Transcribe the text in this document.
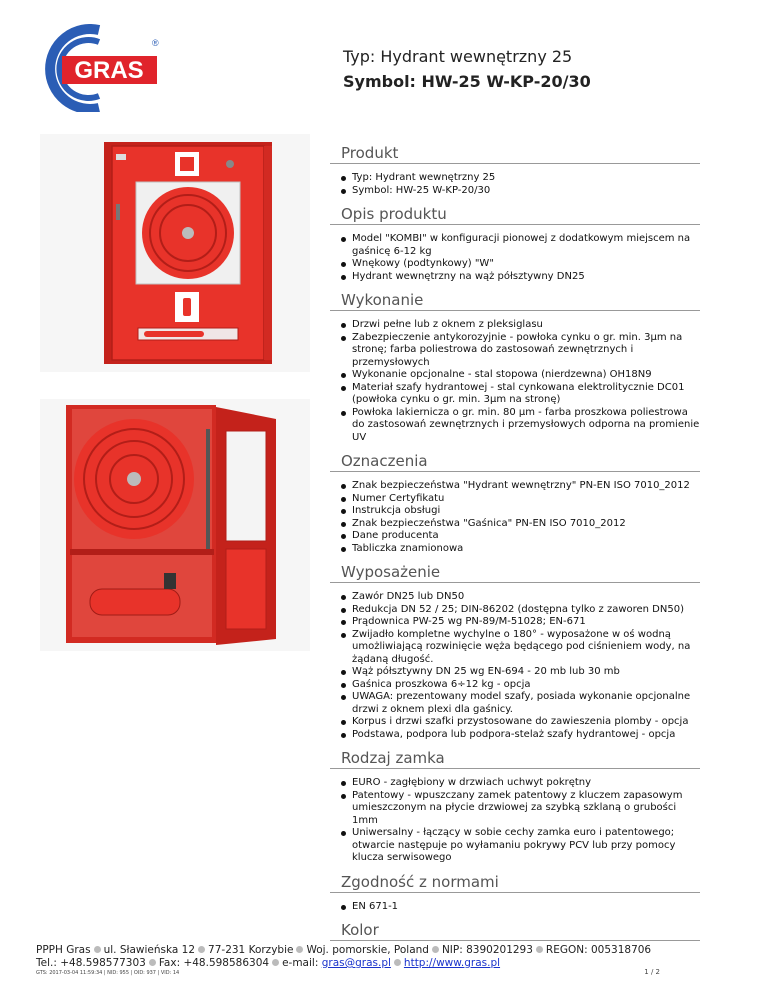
GRAS
®
Typ: Hydrant wewnętrzny 25
Symbol: HW-25 W-KP-20/30
Produkt
Typ: Hydrant wewnętrzny 25
Symbol: HW-25 W-KP-20/30
Opis produktu
Model "KOMBI" w konfiguracji pionowej z dodatkowym miejscem na gaśnicę 6-12 kg
Wnękowy (podtynkowy) "W"
Hydrant wewnętrzny na wąż półsztywny DN25
Wykonanie
Drzwi pełne lub z oknem z pleksiglasu
Zabezpieczenie antykorozyjnie - powłoka cynku o gr. min. 3µm na stronę; farba poliestrowa do zastosowań zewnętrznych i przemysłowych
Wykonanie opcjonalne - stal stopowa (nierdzewna) OH18N9
Materiał szafy hydrantowej - stal cynkowana elektrolitycznie DC01 (powłoka cynku o gr. min. 3µm na stronę)
Powłoka lakiernicza o gr. min. 80 µm - farba proszkowa poliestrowa do zastosowań zewnętrznych i przemysłowych odporna na promienie UV
Oznaczenia
Znak bezpieczeństwa "Hydrant wewnętrzny" PN-EN ISO 7010_2012
Numer Certyfikatu
Instrukcja obsługi
Znak bezpieczeństwa "Gaśnica" PN-EN ISO 7010_2012
Dane producenta
Tabliczka znamionowa
Wyposażenie
Zawór DN25 lub DN50
Redukcja DN 52 / 25; DIN-86202 (dostępna tylko z zaworen DN50)
Prądownica PW-25 wg PN-89/M-51028; EN-671
Zwijadło kompletne wychylne o 180° - wyposażone w oś wodną umożliwiającą rozwinięcie węża będącego pod ciśnieniem wody, na żądaną długość.
Wąż półsztywny DN 25 wg EN-694 - 20 mb lub 30 mb
Gaśnica proszkowa 6÷12 kg - opcja
UWAGA: prezentowany model szafy, posiada wykonanie opcjonalne drzwi z oknem plexi dla gaśnicy.
Korpus i drzwi szafki przystosowane do zawieszenia plomby - opcja
Podstawa, podpora lub podpora-stelaż szafy hydrantowej - opcja
Rodzaj zamka
EURO - zagłębiony w drzwiach uchwyt pokrętny
Patentowy - wpuszczany zamek patentowy z kluczem zapasowym umieszczonym na płycie drzwiowej za szybką szklaną o grubości 1mm
Uniwersalny - łączący w sobie cechy zamka euro i patentowego; otwarcie następuje po wyłamaniu pokrywy PCV lub przy pomocy klucza serwisowego
Zgodność z normami
EN 671-1
Kolor
PPPH Gras ul. Sławieńska 12 77-231 Korzybie Woj. pomorskie, Poland NIP: 8390201293 REGON: 005318706
Tel.: +48.598577303 Fax: +48.598586304 e-mail: gras@gras.pl http://www.gras.pl
GTS: 2017-03-04 11:59:34 | NID: 955 | OID: 937 | VID: 14	1 / 2
